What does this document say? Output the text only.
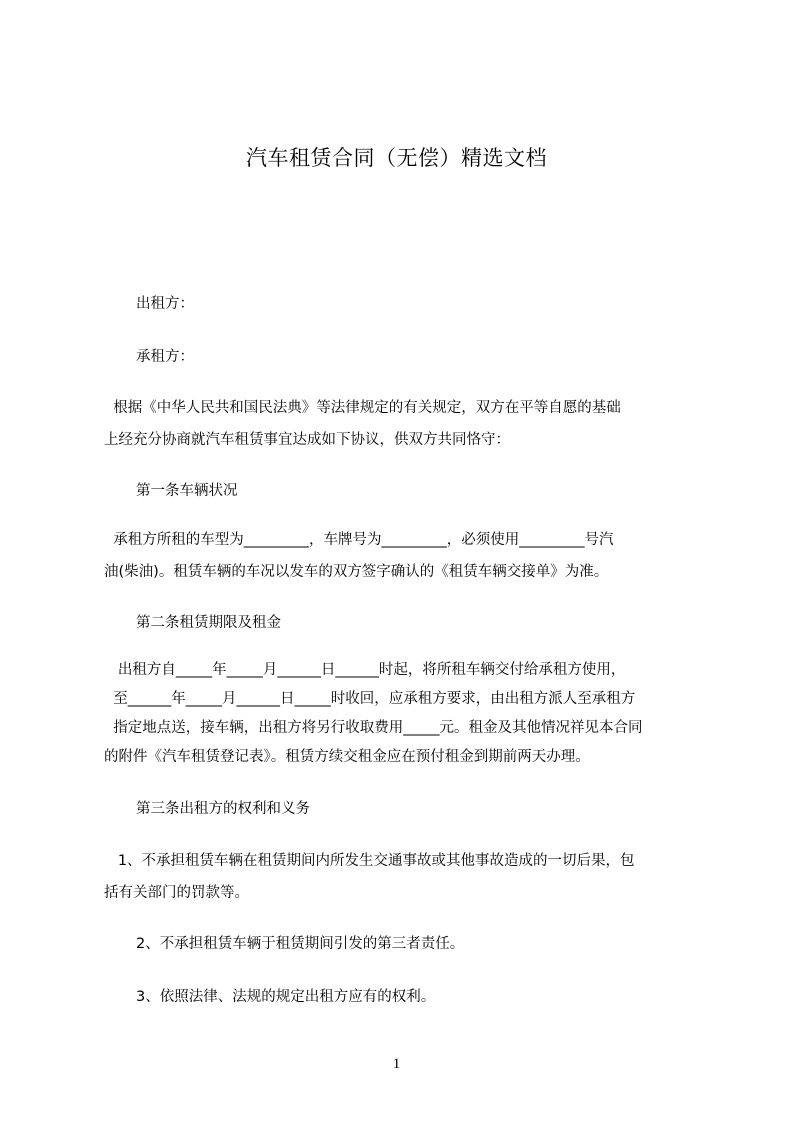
汽车租赁合同（无偿）精选文档

出租方：

承租方：

根据《中华人民共和国民法典》等法律规定的有关规定，双方在平等自愿的基础
上经充分协商就汽车租赁事宜达成如下协议，供双方共同恪守：

第一条车辆状况

承租方所租的车型为_________，车牌号为_________，必须使用_________号汽
油(柴油)。租赁车辆的车况以发车的双方签字确认的《租赁车辆交接单》为准。

第二条租赁期限及租金

出租方自_____年_____月______日______时起，将所租车辆交付给承租方使用，
至______年_____月______日_____时收回，应承租方要求，由出租方派人至承租方
指定地点送，接车辆，出租方将另行收取费用_____元。租金及其他情况祥见本合同
的附件《汽车租赁登记表》。租赁方续交租金应在预付租金到期前两天办理。

第三条出租方的权利和义务

1、不承担租赁车辆在租赁期间内所发生交通事故或其他事故造成的一切后果，包
括有关部门的罚款等。

2、不承担租赁车辆于租赁期间引发的第三者责任。

3、依照法律、法规的规定出租方应有的权利。

1
